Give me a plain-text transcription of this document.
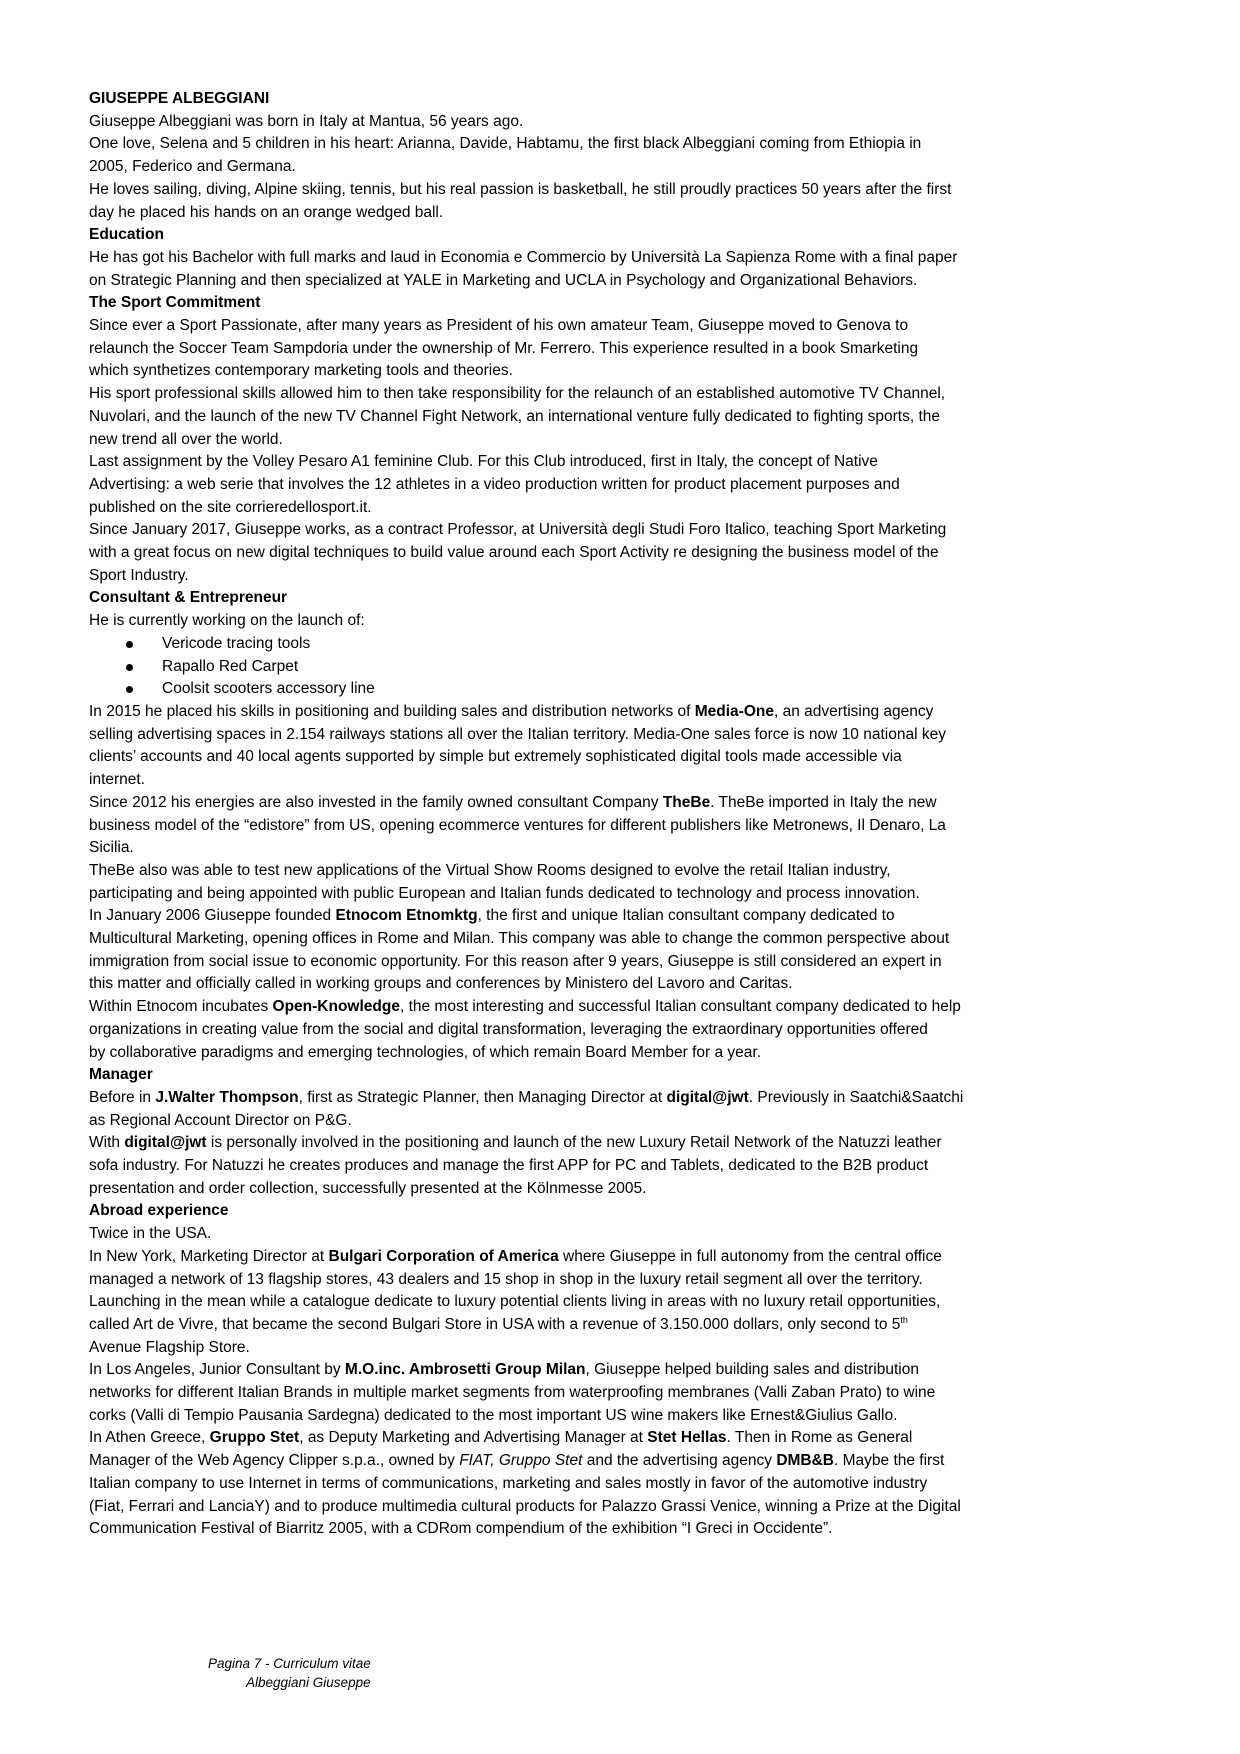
GIUSEPPE ALBEGGIANI

Giuseppe Albeggiani was born in Italy at Mantua, 56 years ago.

One love, Selena and 5 children in his heart: Arianna, Davide, Habtamu, the first black Albeggiani coming from Ethiopia in

2005, Federico and Germana.

He loves sailing, diving, Alpine skiing, tennis, but his real passion is basketball, he still proudly practices 50 years after the first

day he placed his hands on an orange wedged ball.

Education

He has got his Bachelor with full marks and laud in Economia e Commercio by Università La Sapienza Rome with a final paper

on Strategic Planning and then specialized at YALE in Marketing and UCLA in Psychology and Organizational Behaviors.

The Sport Commitment

Since ever a Sport Passionate, after many years as President of his own amateur Team, Giuseppe moved to Genova to

relaunch the Soccer Team Sampdoria under the ownership of Mr. Ferrero. This experience resulted in a book Smarketing

which synthetizes contemporary marketing tools and theories.

His sport professional skills allowed him to then take responsibility for the relaunch of an established automotive TV Channel,

Nuvolari, and the launch of the new TV Channel Fight Network, an international venture fully dedicated to fighting sports, the

new trend all over the world.

Last assignment by the Volley Pesaro A1 feminine Club. For this Club introduced, first in Italy, the concept of Native

Advertising: a web serie that involves the 12 athletes in a video production written for product placement purposes and

published on the site corrieredellosport.it.

Since January 2017, Giuseppe works, as a contract Professor, at Università degli Studi Foro Italico, teaching Sport Marketing

with a great focus on new digital techniques to build value around each Sport Activity re designing the business model of the

Sport Industry.

Consultant & Entrepreneur

He is currently working on the launch of:

Vericode tracing tools
Rapallo Red Carpet
Coolsit scooters accessory line

In 2015 he placed his skills in positioning and building sales and distribution networks of Media-One, an advertising agency

selling advertising spaces in 2.154 railways stations all over the Italian territory. Media-One sales force is now 10 national key

clients’ accounts and 40 local agents supported by simple but extremely sophisticated digital tools made accessible via

internet.

Since 2012 his energies are also invested in the family owned consultant Company TheBe. TheBe imported in Italy the new

business model of the “edistore” from US, opening ecommerce ventures for different publishers like Metronews, Il Denaro, La

Sicilia.

TheBe also was able to test new applications of the Virtual Show Rooms designed to evolve the retail Italian industry,

participating and being appointed with public European and Italian funds dedicated to technology and process innovation.

In January 2006 Giuseppe founded Etnocom Etnomktg, the first and unique Italian consultant company dedicated to

Multicultural Marketing, opening offices in Rome and Milan. This company was able to change the common perspective about

immigration from social issue to economic opportunity. For this reason after 9 years, Giuseppe is still considered an expert in

this matter and officially called in working groups and conferences by Ministero del Lavoro and Caritas.

Within Etnocom incubates Open-Knowledge, the most interesting and successful Italian consultant company dedicated to help

organizations in creating value from the social and digital transformation, leveraging the extraordinary opportunities offered

by collaborative paradigms and emerging technologies, of which remain Board Member for a year.

Manager

Before in J.Walter Thompson, first as Strategic Planner, then Managing Director at digital@jwt. Previously in Saatchi&Saatchi

as Regional Account Director on P&G.

With digital@jwt is personally involved in the positioning and launch of the new Luxury Retail Network of the Natuzzi leather

sofa industry. For Natuzzi he creates produces and manage the first APP for PC and Tablets, dedicated to the B2B product

presentation and order collection, successfully presented at the Kölnmesse 2005.

Abroad experience

Twice in the USA.

In New York, Marketing Director at Bulgari Corporation of America where Giuseppe in full autonomy from the central office

managed a network of 13 flagship stores, 43 dealers and 15 shop in shop in the luxury retail segment all over the territory.

Launching in the mean while a catalogue dedicate to luxury potential clients living in areas with no luxury retail opportunities,

called Art de Vivre, that became the second Bulgari Store in USA with a revenue of 3.150.000 dollars, only second to 5th

Avenue Flagship Store.

In Los Angeles, Junior Consultant by M.O.inc. Ambrosetti Group Milan, Giuseppe helped building sales and distribution

networks for different Italian Brands in multiple market segments from waterproofing membranes (Valli Zaban Prato) to wine

corks (Valli di Tempio Pausania Sardegna) dedicated to the most important US wine makers like Ernest&Giulius Gallo.

In Athen Greece, Gruppo Stet, as Deputy Marketing and Advertising Manager at Stet Hellas. Then in Rome as General

Manager of the Web Agency Clipper s.p.a., owned by FIAT, Gruppo Stet and the advertising agency DMB&B. Maybe the first

Italian company to use Internet in terms of communications, marketing and sales mostly in favor of the automotive industry

(Fiat, Ferrari and LanciaY) and to produce multimedia cultural products for Palazzo Grassi Venice, winning a Prize at the Digital

Communication Festival of Biarritz 2005, with a CDRom compendium of the exhibition “I Greci in Occidente”.

Pagina 7 - Curriculum vitae
Albeggiani Giuseppe
